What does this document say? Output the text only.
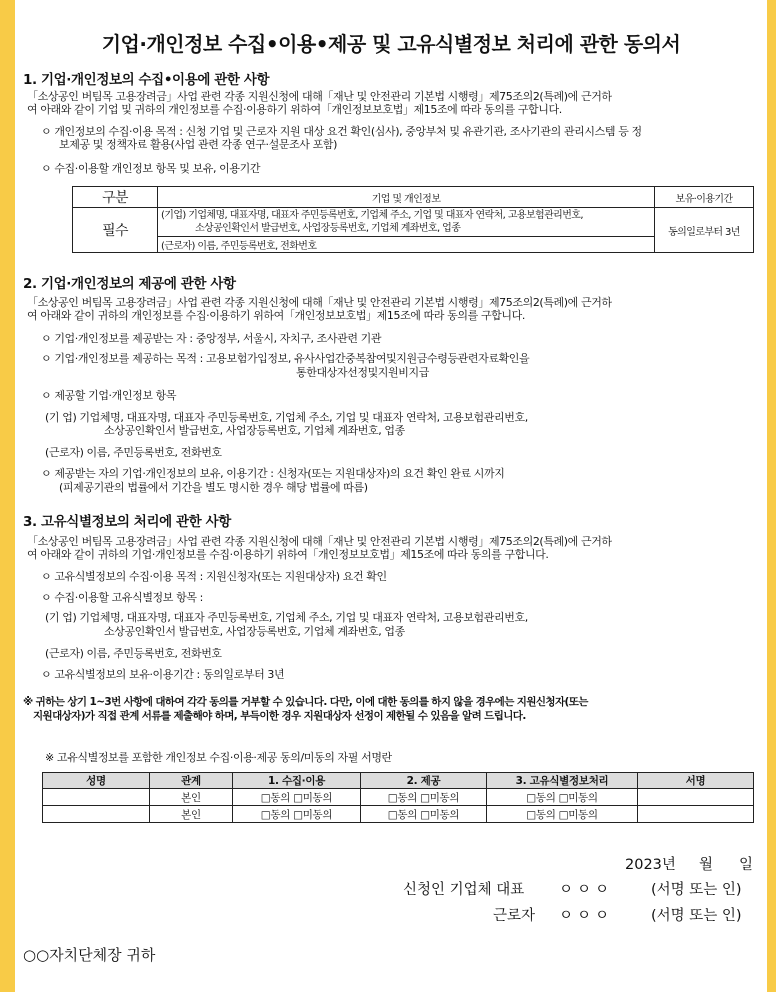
기업·개인정보 수집•이용•제공 및 고유식별정보 처리에 관한 동의서
1. 기업·개인정보의 수집•이용에 관한 사항
「소상공인 버팀목 고용장려금」사업 관련 각종 지원신청에 대해「재난 및 안전관리 기본법 시행령」제75조의2(특례)에 근거하
여 아래와 같이 기업 및 귀하의 개인정보를 수집·이용하기 위하여「개인정보보호법」제15조에 따라 동의를 구합니다.
ㅇ 개인정보의 수집·이용 목적 : 신청 기업 및 근로자 지원 대상 요건 확인(심사), 중앙부처 및 유관기관, 조사기관의 관리시스템 등 정
보제공 및 정책자료 활용(사업 관련 각종 연구·설문조사 포함)
ㅇ 수집·이용할 개인정보 항목 및 보유, 이용기간
구분	기업 및 개인정보	보유·이용기간
필수	(기업) 기업체명, 대표자명, 대표자 주민등록번호, 기업체 주소, 기업 및 대표자 연락처, 고용보험관리번호,
소상공인확인서 발급번호, 사업장등록번호, 기업체 계좌번호, 업종	동의일로부터 3년
	(근로자) 이름, 주민등록번호, 전화번호	
2. 기업·개인정보의 제공에 관한 사항
「소상공인 버팀목 고용장려금」사업 관련 각종 지원신청에 대해「재난 및 안전관리 기본법 시행령」제75조의2(특례)에 근거하
여 아래와 같이 귀하의 개인정보를 수집·이용하기 위하여「개인정보보호법」제15조에 따라 동의를 구합니다.
ㅇ 기업·개인정보를 제공받는 자 : 중앙정부, 서울시, 자치구, 조사관련 기관
ㅇ 기업·개인정보를 제공하는 목적 : 고용보험가입정보, 유사사업간중복참여및지원금수령등관련자료확인을
통한대상자선정및지원비지급
ㅇ 제공할 기업·개인정보 항목
(기 업) 기업체명, 대표자명, 대표자 주민등록번호, 기업체 주소, 기업 및 대표자 연락처, 고용보험관리번호,
소상공인확인서 발급번호, 사업장등록번호, 기업체 계좌번호, 업종
(근로자) 이름, 주민등록번호, 전화번호
ㅇ 제공받는 자의 기업·개인정보의 보유, 이용기간 : 신청자(또는 지원대상자)의 요건 확인 완료 시까지
(피제공기관의 법률에서 기간을 별도 명시한 경우 해당 법률에 따름)
3. 고유식별정보의 처리에 관한 사항
「소상공인 버팀목 고용장려금」사업 관련 각종 지원신청에 대해「재난 및 안전관리 기본법 시행령」제75조의2(특례)에 근거하
여 아래와 같이 귀하의 기업·개인정보를 수집·이용하기 위하여「개인정보보호법」제15조에 따라 동의를 구합니다.
ㅇ 고유식별정보의 수집·이용 목적 : 지원신청자(또는 지원대상자) 요건 확인
ㅇ 수집·이용할 고유식별정보 항목 :
(기 업) 기업체명, 대표자명, 대표자 주민등록번호, 기업체 주소, 기업 및 대표자 연락처, 고용보험관리번호,
소상공인확인서 발급번호, 사업장등록번호, 기업체 계좌번호, 업종
(근로자) 이름, 주민등록번호, 전화번호
ㅇ 고유식별정보의 보유·이용기간 : 동의일로부터 3년
※ 귀하는 상기 1~3번 사항에 대하여 각각 동의를 거부할 수 있습니다. 다만, 이에 대한 동의를 하지 않을 경우에는 지원신청자(또는
지원대상자)가 직접 관계 서류를 제출해야 하며, 부득이한 경우 지원대상자 선정이 제한될 수 있음을 알려 드립니다.
※ 고유식별정보를 포함한 개인정보 수집·이용·제공 동의/미동의 자필 서명란
성명	관계	1. 수집·이용	2. 제공	3. 고유식별정보처리	서명
	본인	□동의 □미동의	□동의 □미동의	□동의 □미동의	
	본인	□동의 □미동의	□동의 □미동의	□동의 □미동의	
2023년 월 일
신청인 기업체 대표 ㅇㅇㅇ	(서명 또는 인)
근로자 ㅇㅇㅇ	(서명 또는 인)
○○자치단체장 귀하
